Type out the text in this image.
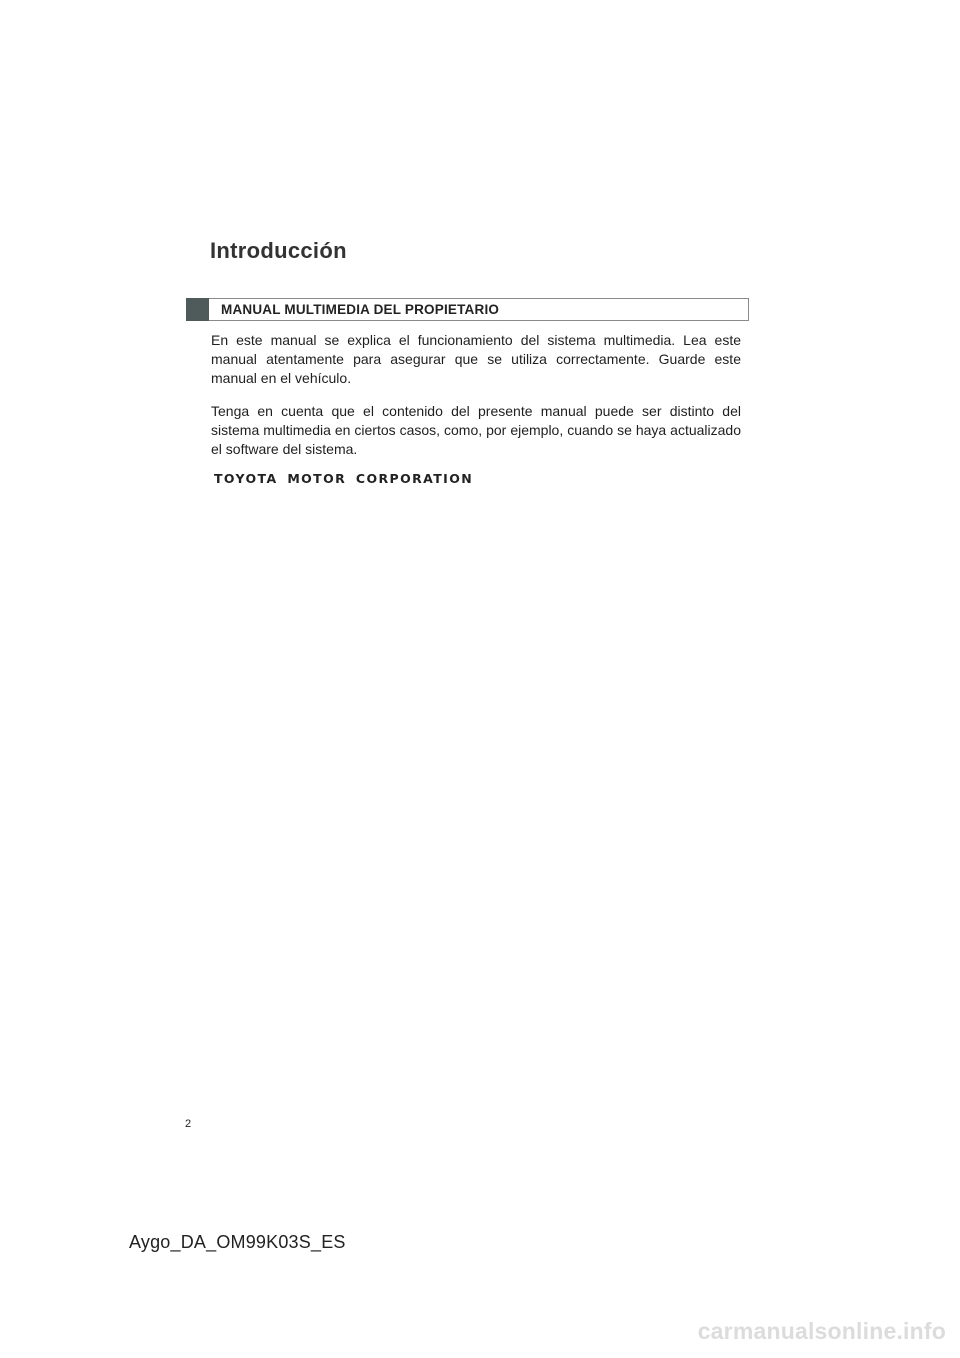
Introducción
MANUAL MULTIMEDIA DEL PROPIETARIO

En este manual se explica el funcionamiento del sistema multimedia. Lea este manual atentamente para asegurar que se utiliza correctamente. Guarde este manual en el vehículo.

Tenga en cuenta que el contenido del presente manual puede ser distinto del sistema multimedia en ciertos casos, como, por ejemplo, cuando se haya actualizado el software del sistema.

TOYOTA MOTOR CORPORATION
2
Aygo_DA_OM99K03S_ES
carmanualsonline.info
